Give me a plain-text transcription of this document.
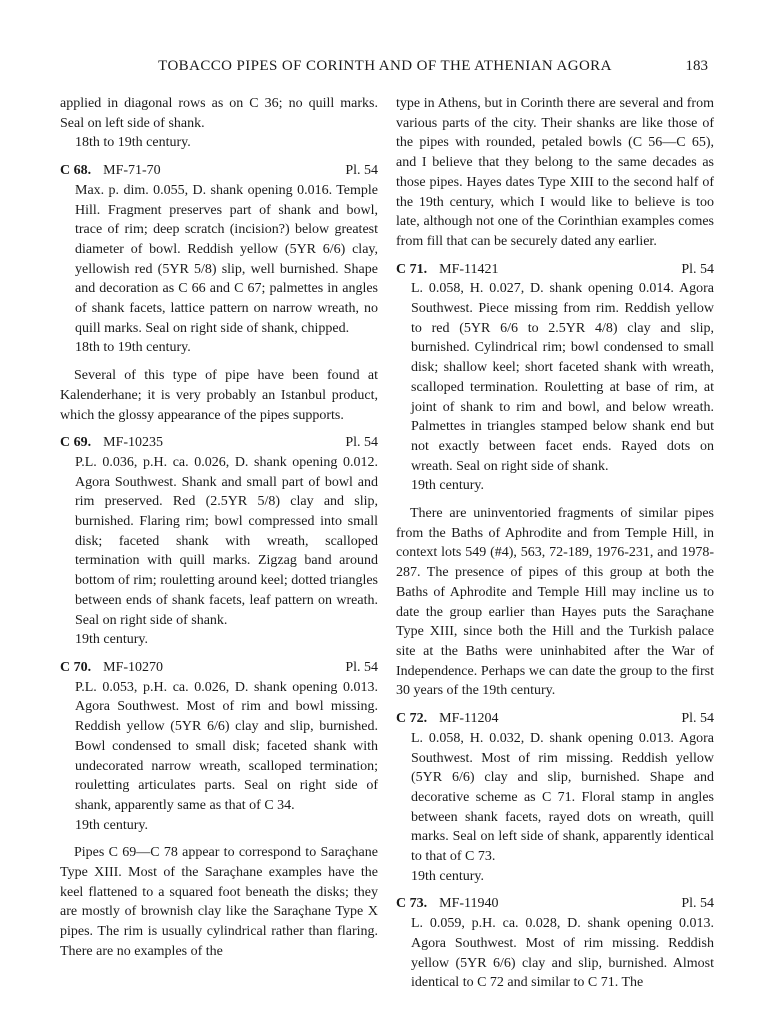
TOBACCO PIPES OF CORINTH AND OF THE ATHENIAN AGORA	183

applied in diagonal rows as on C 36; no quill marks. Seal on left side of shank.

18th to 19th century.
C 68. MF-71-70	Pl. 54

Max. p. dim. 0.055, D. shank opening 0.016. Temple Hill. Fragment preserves part of shank and bowl, trace of rim; deep scratch (incision?) below greatest diameter of bowl. Reddish yellow (5YR 6/6) clay, yellowish red (5YR 5/8) slip, well burnished. Shape and decoration as C 66 and C 67; palmettes in angles of shank facets, lattice pattern on narrow wreath, no quill marks. Seal on right side of shank, chipped.

18th to 19th century.

Several of this type of pipe have been found at Kalenderhane; it is very probably an Istanbul product, which the glossy appearance of the pipes supports.

C 69. MF-10235	Pl. 54

P.L. 0.036, p.H. ca. 0.026, D. shank opening 0.012. Agora Southwest. Shank and small part of bowl and rim preserved. Red (2.5YR 5/8) clay and slip, burnished. Flaring rim; bowl compressed into small disk; faceted shank with wreath, scalloped termination with quill marks. Zigzag band around bottom of rim; rouletting around keel; dotted triangles between ends of shank facets, leaf pattern on wreath. Seal on right side of shank.

19th century.
C 70. MF-10270	Pl. 54

P.L. 0.053, p.H. ca. 0.026, D. shank opening 0.013. Agora Southwest. Most of rim and bowl missing. Reddish yellow (5YR 6/6) clay and slip, burnished. Bowl condensed to small disk; faceted shank with undecorated narrow wreath, scalloped termination; rouletting articulates parts. Seal on right side of shank, apparently same as that of C 34.

19th century.

Pipes C 69—C 78 appear to correspond to Saraçhane Type XIII. Most of the Saraçhane examples have the keel flattened to a squared foot beneath the disks; they are mostly of brownish clay like the Saraçhane Type X pipes. The rim is usually cylindrical rather than flaring. There are no examples of the

type in Athens, but in Corinth there are several and from various parts of the city. Their shanks are like those of the pipes with rounded, petaled bowls (C 56—C 65), and I believe that they belong to the same decades as those pipes. Hayes dates Type XIII to the second half of the 19th century, which I would like to believe is too late, although not one of the Corinthian examples comes from fill that can be securely dated any earlier.

C 71. MF-11421	Pl. 54

L. 0.058, H. 0.027, D. shank opening 0.014. Agora Southwest. Piece missing from rim. Reddish yellow to red (5YR 6/6 to 2.5YR 4/8) clay and slip, burnished. Cylindrical rim; bowl condensed to small disk; shallow keel; short faceted shank with wreath, scalloped termination. Rouletting at base of rim, at joint of shank to rim and bowl, and below wreath. Palmettes in triangles stamped below shank end but not exactly between facet ends. Rayed dots on wreath. Seal on right side of shank.

19th century.

There are uninventoried fragments of similar pipes from the Baths of Aphrodite and from Temple Hill, in context lots 549 (#4), 563, 72-189, 1976-231, and 1978-287. The presence of pipes of this group at both the Baths of Aphrodite and Temple Hill may incline us to date the group earlier than Hayes puts the Saraçhane Type XIII, since both the Hill and the Turkish palace site at the Baths were uninhabited after the War of Independence. Perhaps we can date the group to the first 30 years of the 19th century.

C 72. MF-11204	Pl. 54

L. 0.058, H. 0.032, D. shank opening 0.013. Agora Southwest. Most of rim missing. Reddish yellow (5YR 6/6) clay and slip, burnished. Shape and decorative scheme as C 71. Floral stamp in angles between shank facets, rayed dots on wreath, quill marks. Seal on left side of shank, apparently identical to that of C 73.

19th century.
C 73. MF-11940	Pl. 54

L. 0.059, p.H. ca. 0.028, D. shank opening 0.013. Agora Southwest. Most of rim missing. Reddish yellow (5YR 6/6) clay and slip, burnished. Almost identical to C 72 and similar to C 71. The
